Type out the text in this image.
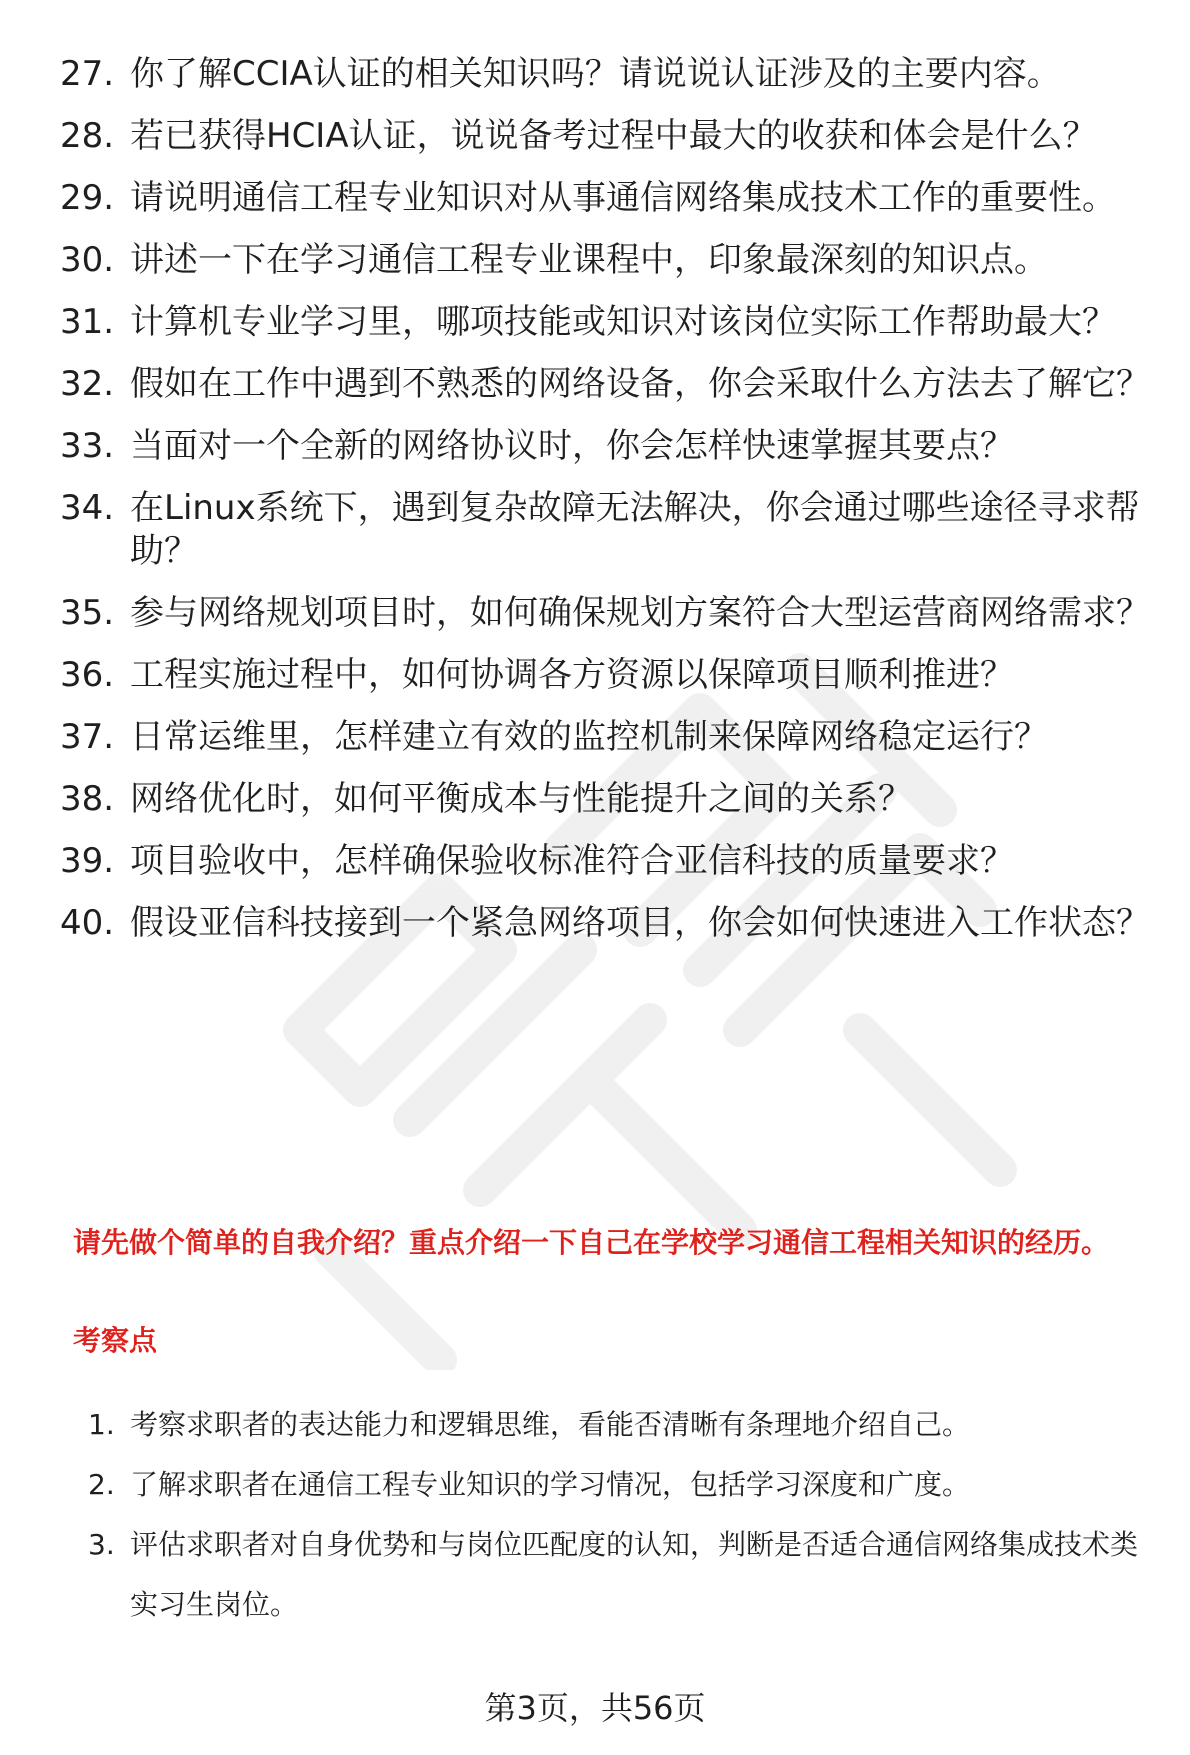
27. 你了解CCIA认证的相关知识吗？请说说认证涉及的主要内容。
28. 若已获得HCIA认证，说说备考过程中最大的收获和体会是什么？
29. 请说明通信工程专业知识对从事通信网络集成技术工作的重要性。
30. 讲述一下在学习通信工程专业课程中，印象最深刻的知识点。
31. 计算机专业学习里，哪项技能或知识对该岗位实际工作帮助最大？
32. 假如在工作中遇到不熟悉的网络设备，你会采取什么方法去了解它？
33. 当面对一个全新的网络协议时，你会怎样快速掌握其要点？
34. 在Linux系统下，遇到复杂故障无法解决，你会通过哪些途径寻求帮助？
35. 参与网络规划项目时，如何确保规划方案符合大型运营商网络需求？
36. 工程实施过程中，如何协调各方资源以保障项目顺利推进？
37. 日常运维里，怎样建立有效的监控机制来保障网络稳定运行？
38. 网络优化时，如何平衡成本与性能提升之间的关系？
39. 项目验收中，怎样确保验收标准符合亚信科技的质量要求？
40. 假设亚信科技接到一个紧急网络项目，你会如何快速进入工作状态？
请先做个简单的自我介绍？重点介绍一下自己在学校学习通信工程相关知识的经历。
考察点
1. 考察求职者的表达能力和逻辑思维，看能否清晰有条理地介绍自己。
2. 了解求职者在通信工程专业知识的学习情况，包括学习深度和广度。
3. 评估求职者对自身优势和与岗位匹配度的认知，判断是否适合通信网络集成技术类实习生岗位。
第3页，共56页
